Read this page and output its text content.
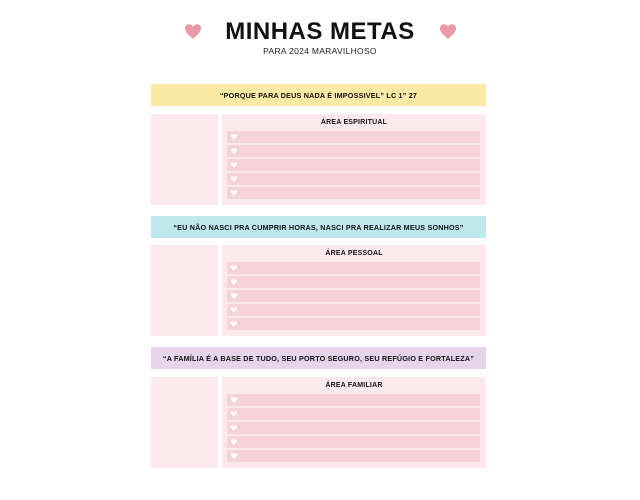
MINHAS METAS
PARA 2024 MARAVILHOSO
“PORQUE PARA DEUS NADA É IMPOSSIVEL” LC 1” 27
ÁREA ESPIRITUAL
“EU NÃO NASCI PRA CUMPRIR HORAS, NASCI PRA REALIZAR MEUS SONHOS”
ÁREA PESSOAL
“A FAMÍLIA É A BASE DE TUDO, SEU PORTO SEGURO, SEU REFÚGIO E FORTALEZA”
ÁREA FAMILIAR
